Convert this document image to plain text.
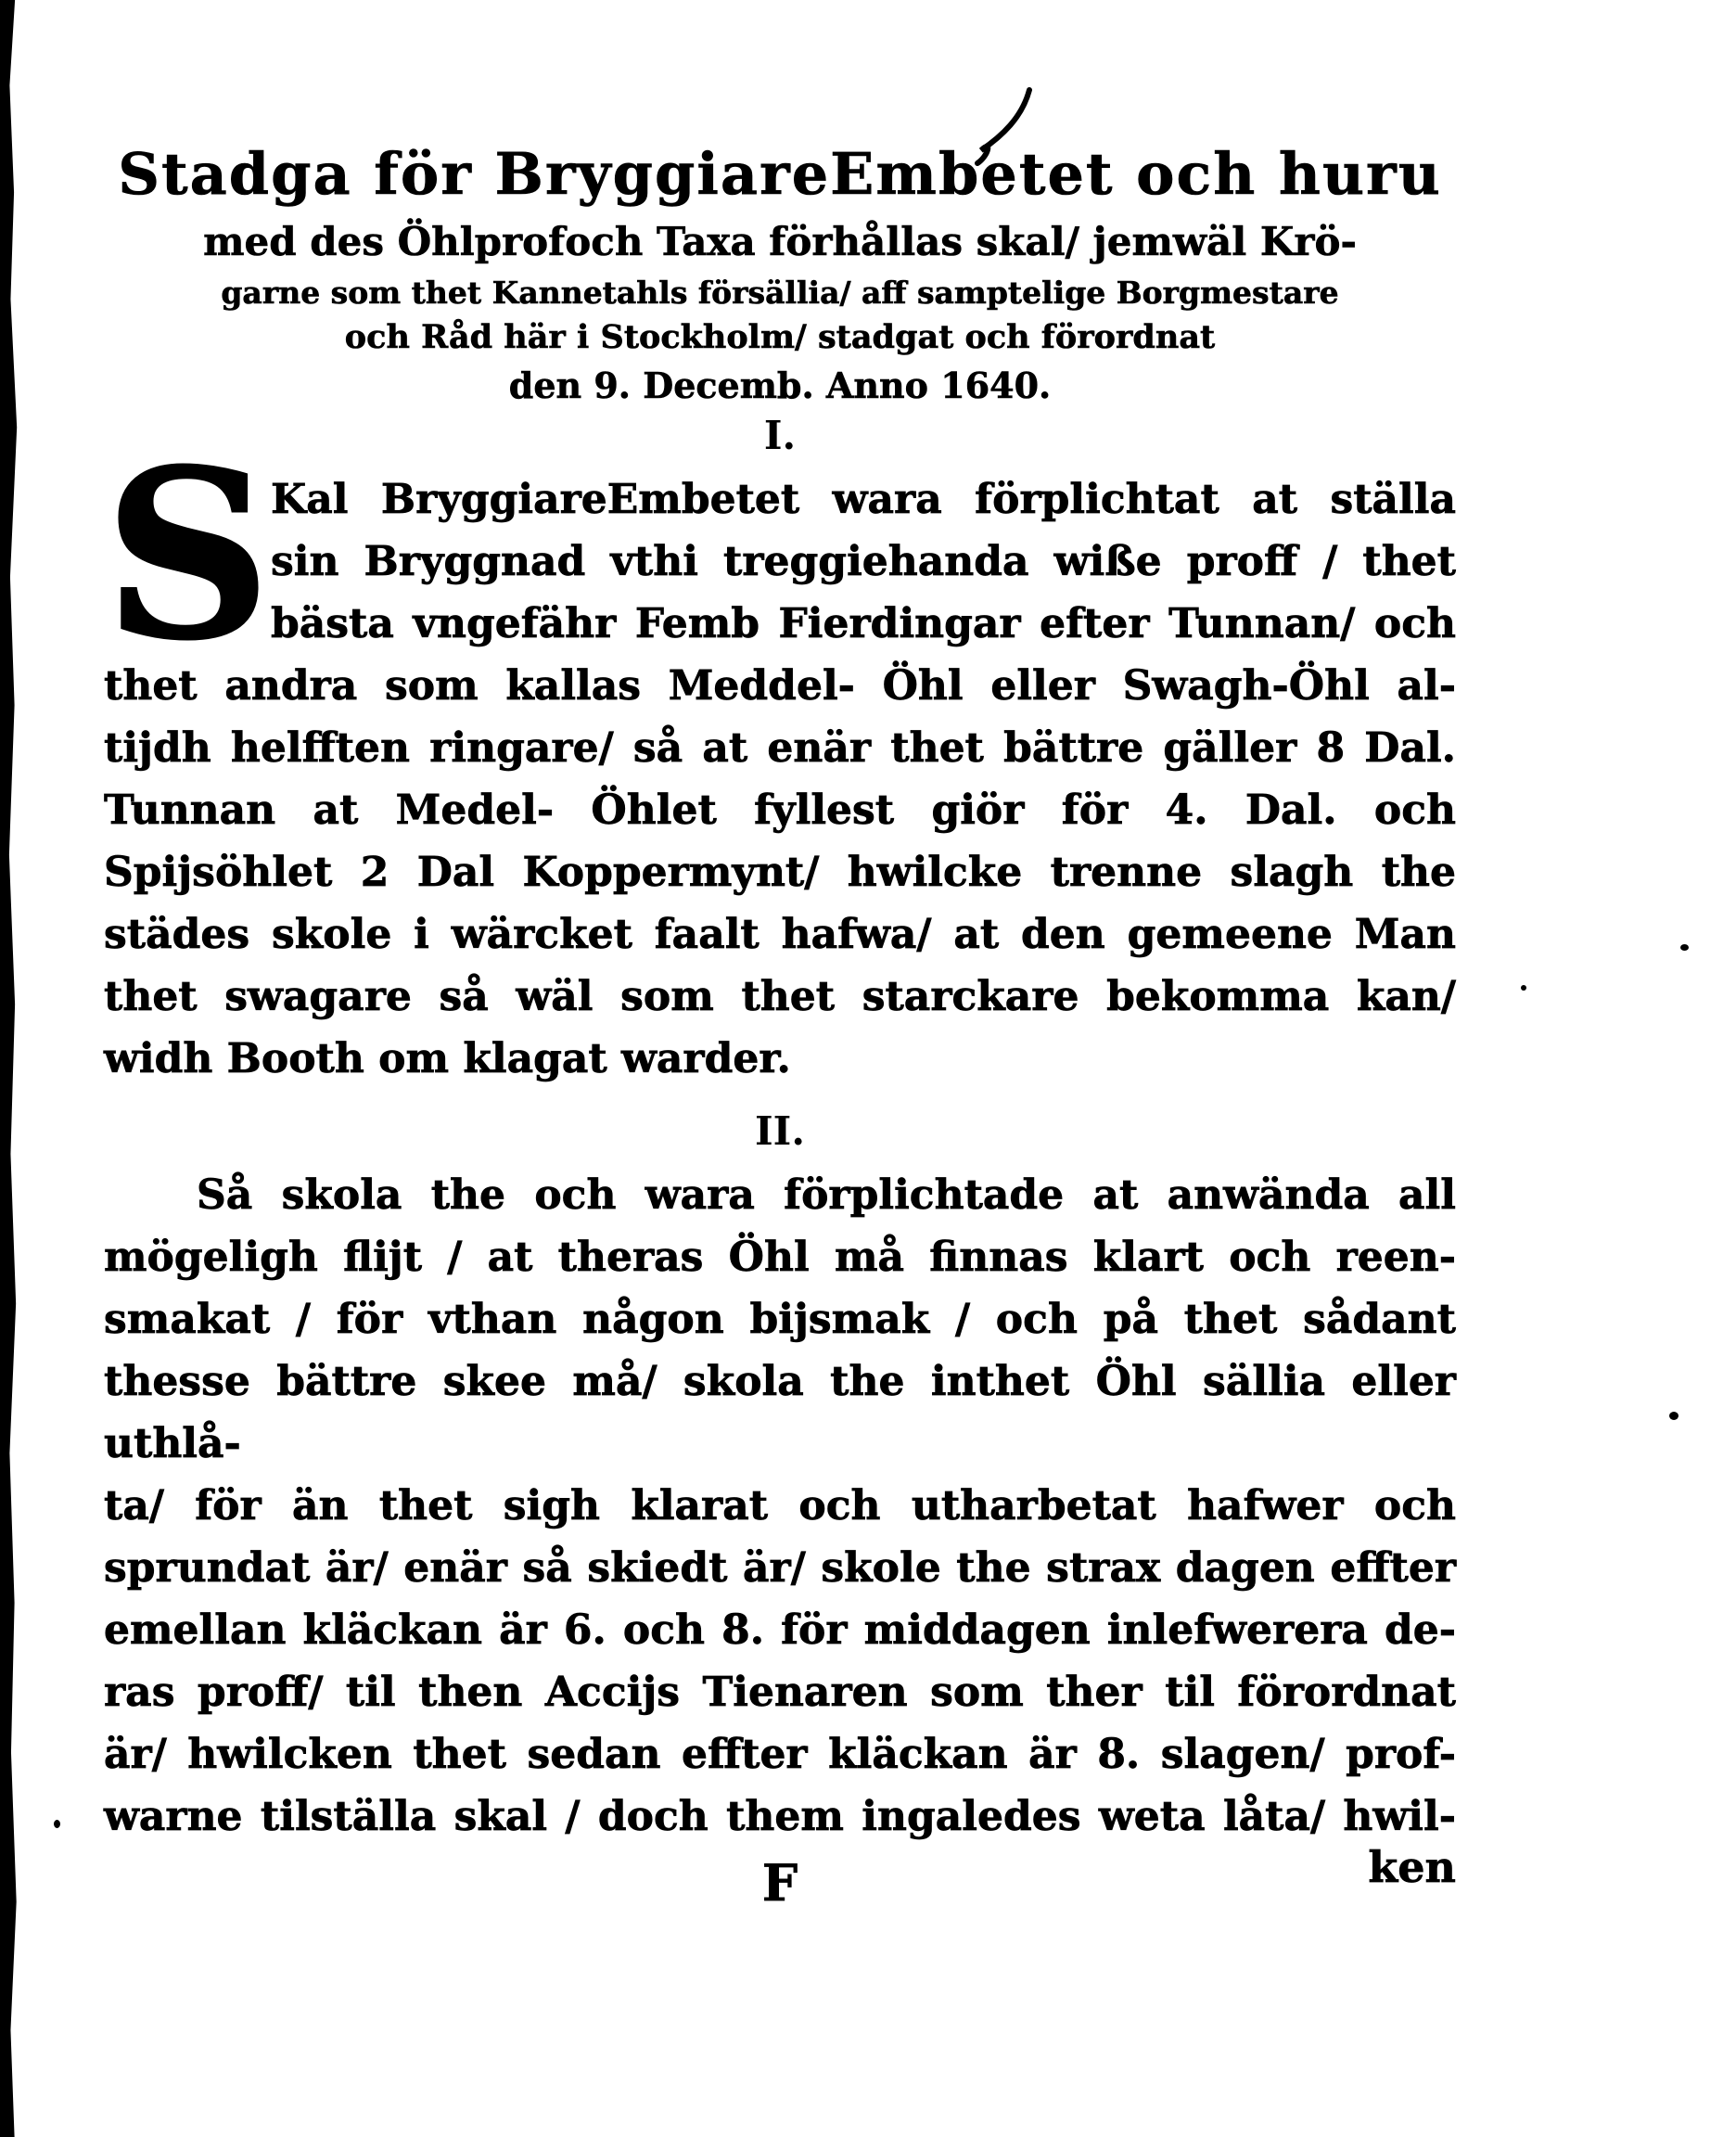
Stadga för BryggiareEmbetet och huru
med des Öhlprofoch Taxa förhållas skal/ jemwäl Krö-
garne som thet Kannetahls försällia/ aff samptelige Borgmestare
och Råd här i Stockholm/ stadgat och förordnat
den 9. Decemb. Anno 1640.
I.
S Kal BryggiareEmbetet wara förplichtat at ställa
sin Bryggnad vthi treggiehanda wiße proff / thet
bästa vngefähr Femb Fierdingar efter Tunnan/ och
thet andra som kallas Meddel- Öhl eller Swagh-Öhl al-
tijdh helfften ringare/ så at enär thet bättre gäller 8 Dal.
Tunnan at Medel- Öhlet fyllest giör för 4. Dal. och
Spijsöhlet 2 Dal Koppermynt/ hwilcke trenne slagh the
städes skole i wärcket faalt hafwa/ at den gemeene Man
thet swagare så wäl som thet starckare bekomma kan/
widh Booth om klagat warder.
II.
Så skola the och wara förplichtade at anwända all
mögeligh flijt / at theras Öhl må finnas klart och reen-
smakat / för vthan någon bijsmak / och på thet sådant
thesse bättre skee må/ skola the inthet Öhl sällia eller uthlå-
ta/ för än thet sigh klarat och utharbetat hafwer och
sprundat är/ enär så skiedt är/ skole the strax dagen effter
emellan kläckan är 6. och 8. för middagen inlefwerera de-
ras proff/ til then Accijs Tienaren som ther til förordnat
är/ hwilcken thet sedan effter kläckan är 8. slagen/ prof-
warne tilställa skal / doch them ingaledes weta låta/ hwil-
F	ken
